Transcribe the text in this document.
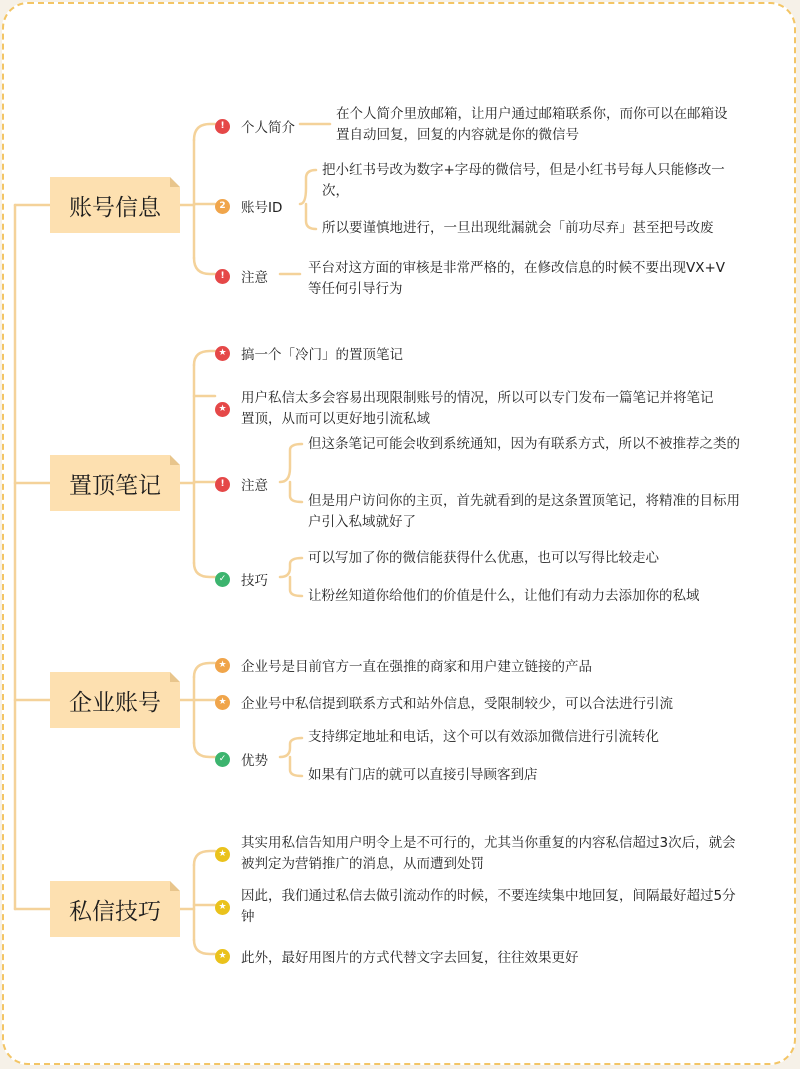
账号信息
置顶笔记
企业账号
私信技巧
!	个人简介
在个人简介里放邮箱，让用户通过邮箱联系你，而你可以在邮箱设置自动回复，回复的内容就是你的微信号
2	账号ID
把小红书号改为数字+字母的微信号，但是小红书号每人只能修改一次，
所以要谨慎地进行，一旦出现纰漏就会「前功尽弃」甚至把号改废
!	注意
平台对这方面的审核是非常严格的，在修改信息的时候不要出现VX+V等任何引导行为
★ 搞一个「冷门」的置顶笔记
★
用户私信太多会容易出现限制账号的情况，所以可以专门发布一篇笔记并将笔记置顶，从而可以更好地引流私域
!	注意
但这条笔记可能会收到系统通知，因为有联系方式，所以不被推荐之类的
但是用户访问你的主页，首先就看到的是这条置顶笔记，将精准的目标用户引入私域就好了
✓ 技巧
可以写加了你的微信能获得什么优惠，也可以写得比较走心
让粉丝知道你给他们的价值是什么，让他们有动力去添加你的私域
★ 企业号是目前官方一直在强推的商家和用户建立链接的产品
★ 企业号中私信提到联系方式和站外信息，受限制较少，可以合法进行引流
✓ 优势
支持绑定地址和电话，这个可以有效添加微信进行引流转化
如果有门店的就可以直接引导顾客到店
★
其实用私信告知用户明令上是不可行的，尤其当你重复的内容私信超过3次后，就会被判定为营销推广的消息，从而遭到处罚
★
因此，我们通过私信去做引流动作的时候，不要连续集中地回复，间隔最好超过5分钟
★ 此外，最好用图片的方式代替文字去回复，往往效果更好
